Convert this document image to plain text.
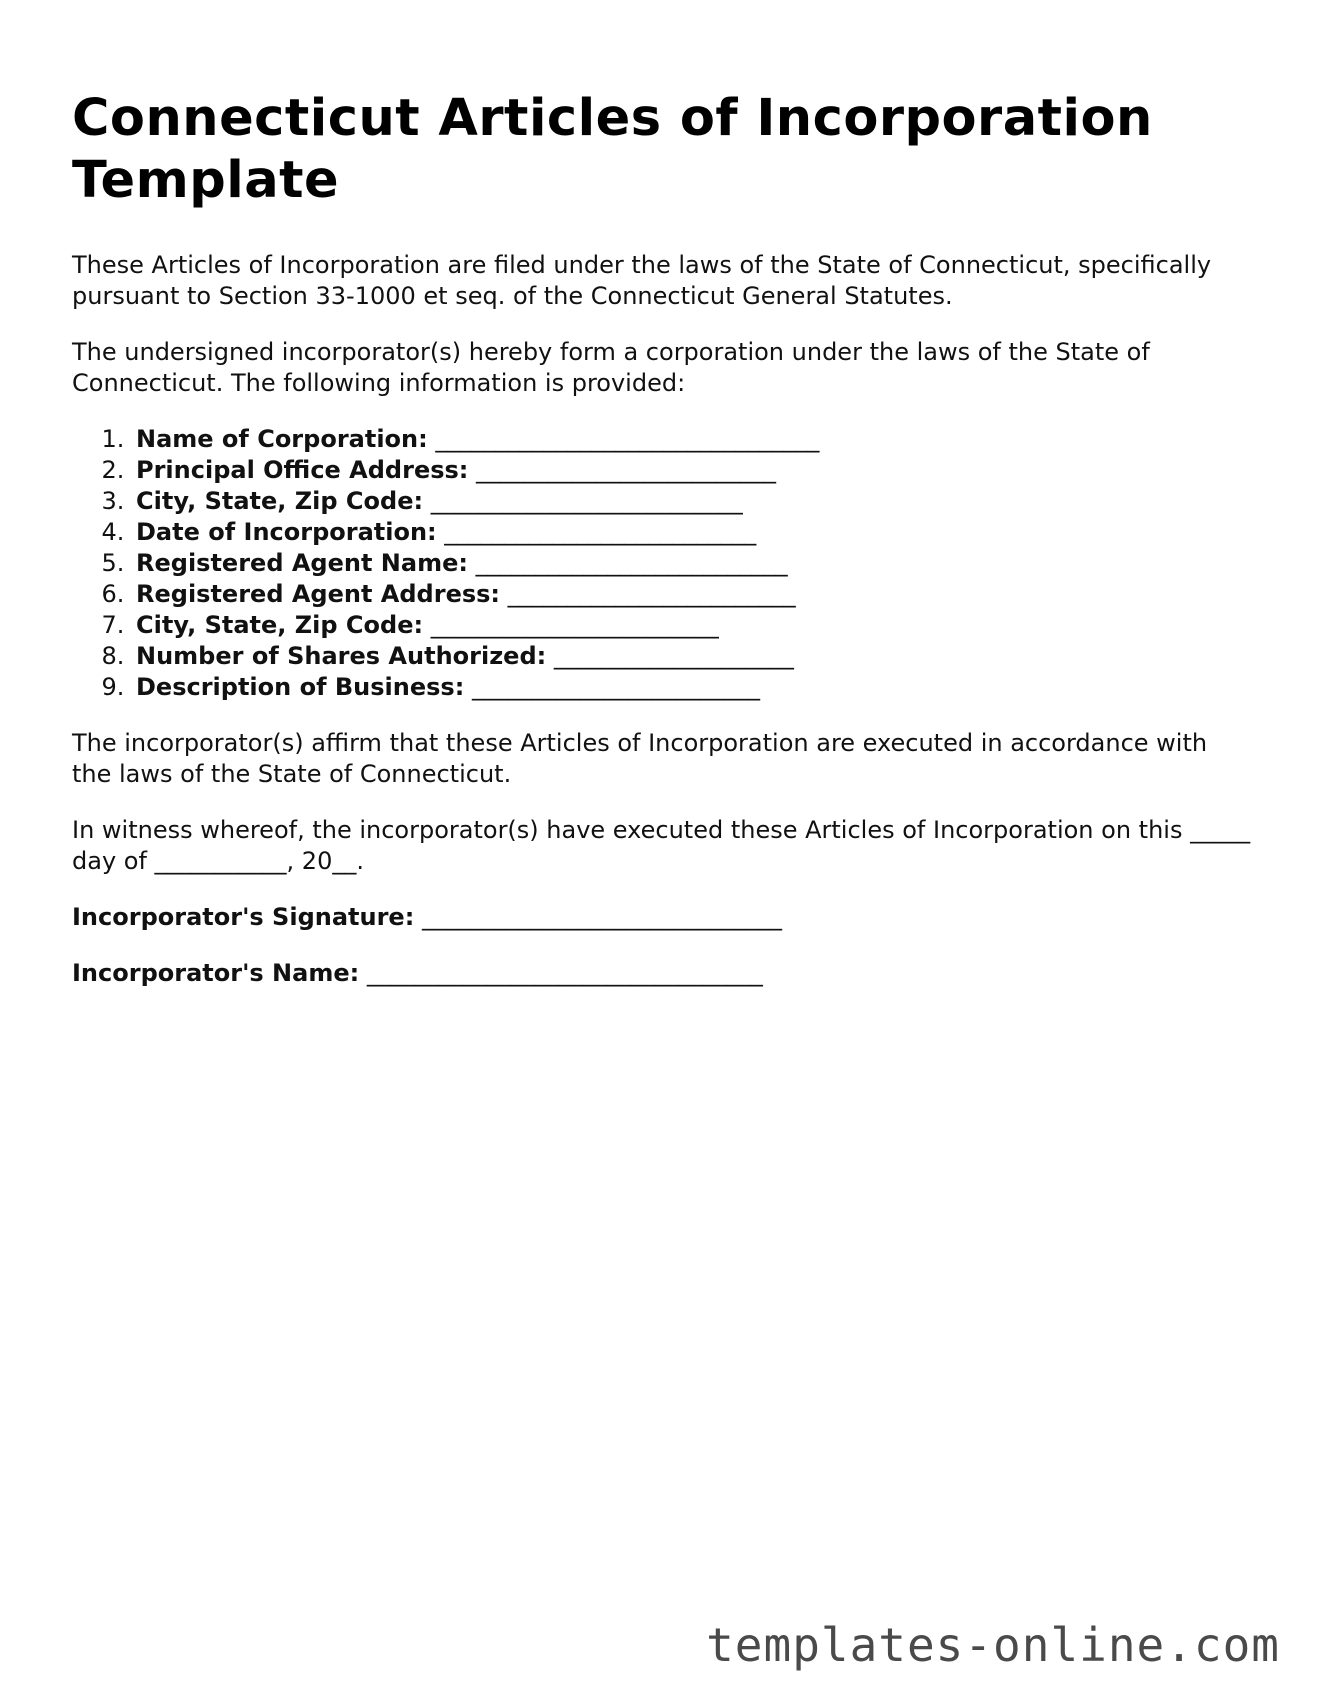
Connecticut Articles of Incorporation Template

These Articles of Incorporation are filed under the laws of the State of Connecticut, specifically pursuant to Section 33-1000 et seq. of the Connecticut General Statutes.

The undersigned incorporator(s) hereby form a corporation under the laws of the State of Connecticut. The following information is provided:

1. Name of Corporation: ________________________________
2. Principal Office Address: _________________________
3. City, State, Zip Code: __________________________
4. Date of Incorporation: __________________________
5. Registered Agent Name: __________________________
6. Registered Agent Address: ________________________
7. City, State, Zip Code: ________________________
8. Number of Shares Authorized: ____________________
9. Description of Business: ________________________

The incorporator(s) affirm that these Articles of Incorporation are executed in accordance with the laws of the State of Connecticut.

In witness whereof, the incorporator(s) have executed these Articles of Incorporation on this _____ day of ___________, 20__.

Incorporator's Signature: ______________________________
Incorporator's Name: _________________________________
templates-online.com
